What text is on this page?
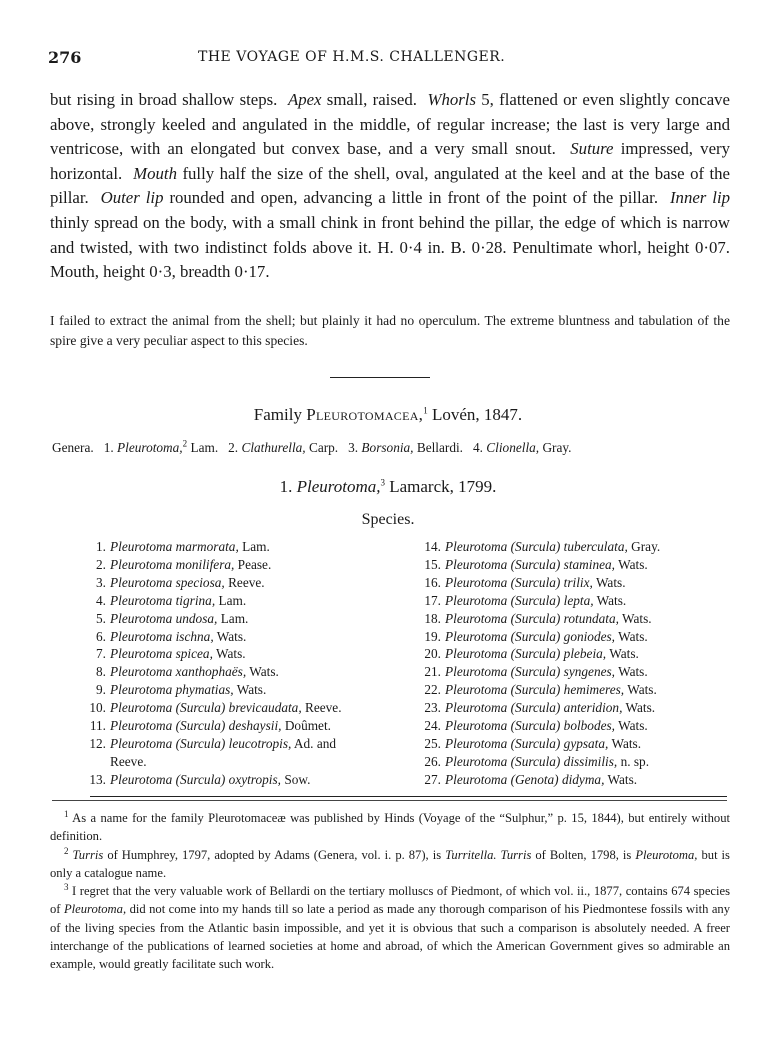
276	THE VOYAGE OF H.M.S. CHALLENGER.

but rising in broad shallow steps. Apex small, raised. Whorls 5, flattened or even slightly concave above, strongly keeled and angulated in the middle, of regular increase; the last is very large and ventricose, with an elongated but convex base, and a very small snout. Suture impressed, very horizontal. Mouth fully half the size of the shell, oval, angulated at the keel and at the base of the pillar. Outer lip rounded and open, advancing a little in front of the point of the pillar. Inner lip thinly spread on the body, with a small chink in front behind the pillar, the edge of which is narrow and twisted, with two indistinct folds above it. H. 0·4 in. B. 0·28. Penultimate whorl, height 0·07. Mouth, height 0·3, breadth 0·17.

I failed to extract the animal from the shell; but plainly it had no operculum. The extreme bluntness and tabulation of the spire give a very peculiar aspect to this species.

Family Pleurotomacea,$^1$ Lovén, 1847.
Genera. 1. Pleurotoma,$^2$ Lam. 2. Clathurella, Carp. 3. Borsonia, Bellardi. 4. Clionella, Gray.
1. Pleurotoma,$^3$ Lamarck, 1799.
Species.
1. Pleurotoma marmorata, Lam.
2. Pleurotoma monilifera, Pease.
3. Pleurotoma speciosa, Reeve.
4. Pleurotoma tigrina, Lam.
5. Pleurotoma undosa, Lam.
6. Pleurotoma ischna, Wats.
7. Pleurotoma spicea, Wats.
8. Pleurotoma xanthophaës, Wats.
9. Pleurotoma phymatias, Wats.
10. Pleurotoma (Surcula) brevicaudata, Reeve.
11. Pleurotoma (Surcula) deshaysii, Doûmet.
12. Pleurotoma (Surcula) leucotropis, Ad. and
Reeve.
13. Pleurotoma (Surcula) oxytropis, Sow.
14. Pleurotoma (Surcula) tuberculata, Gray.
15. Pleurotoma (Surcula) staminea, Wats.
16. Pleurotoma (Surcula) trilix, Wats.
17. Pleurotoma (Surcula) lepta, Wats.
18. Pleurotoma (Surcula) rotundata, Wats.
19. Pleurotoma (Surcula) goniodes, Wats.
20. Pleurotoma (Surcula) plebeia, Wats.
21. Pleurotoma (Surcula) syngenes, Wats.
22. Pleurotoma (Surcula) hemimeres, Wats.
23. Pleurotoma (Surcula) anteridion, Wats.
24. Pleurotoma (Surcula) bolbodes, Wats.
25. Pleurotoma (Surcula) gypsata, Wats.
26. Pleurotoma (Surcula) dissimilis, n. sp.
27. Pleurotoma (Genota) didyma, Wats.

$^1$ As a name for the family Pleurotomaceæ was published by Hinds (Voyage of the “Sulphur,” p. 15, 1844), but entirely without definition.

$^2$ Turris of Humphrey, 1797, adopted by Adams (Genera, vol. i. p. 87), is Turritella. Turris of Bolten, 1798, is Pleurotoma, but is only a catalogue name.

$^3$ I regret that the very valuable work of Bellardi on the tertiary molluscs of Piedmont, of which vol. ii., 1877, contains 674 species of Pleurotoma, did not come into my hands till so late a period as made any thorough comparison of his Piedmontese fossils with any of the living species from the Atlantic basin impossible, and yet it is obvious that such a comparison is absolutely needed. A freer interchange of the publications of learned societies at home and abroad, of which the American Government gives so admirable an example, would greatly facilitate such work.
